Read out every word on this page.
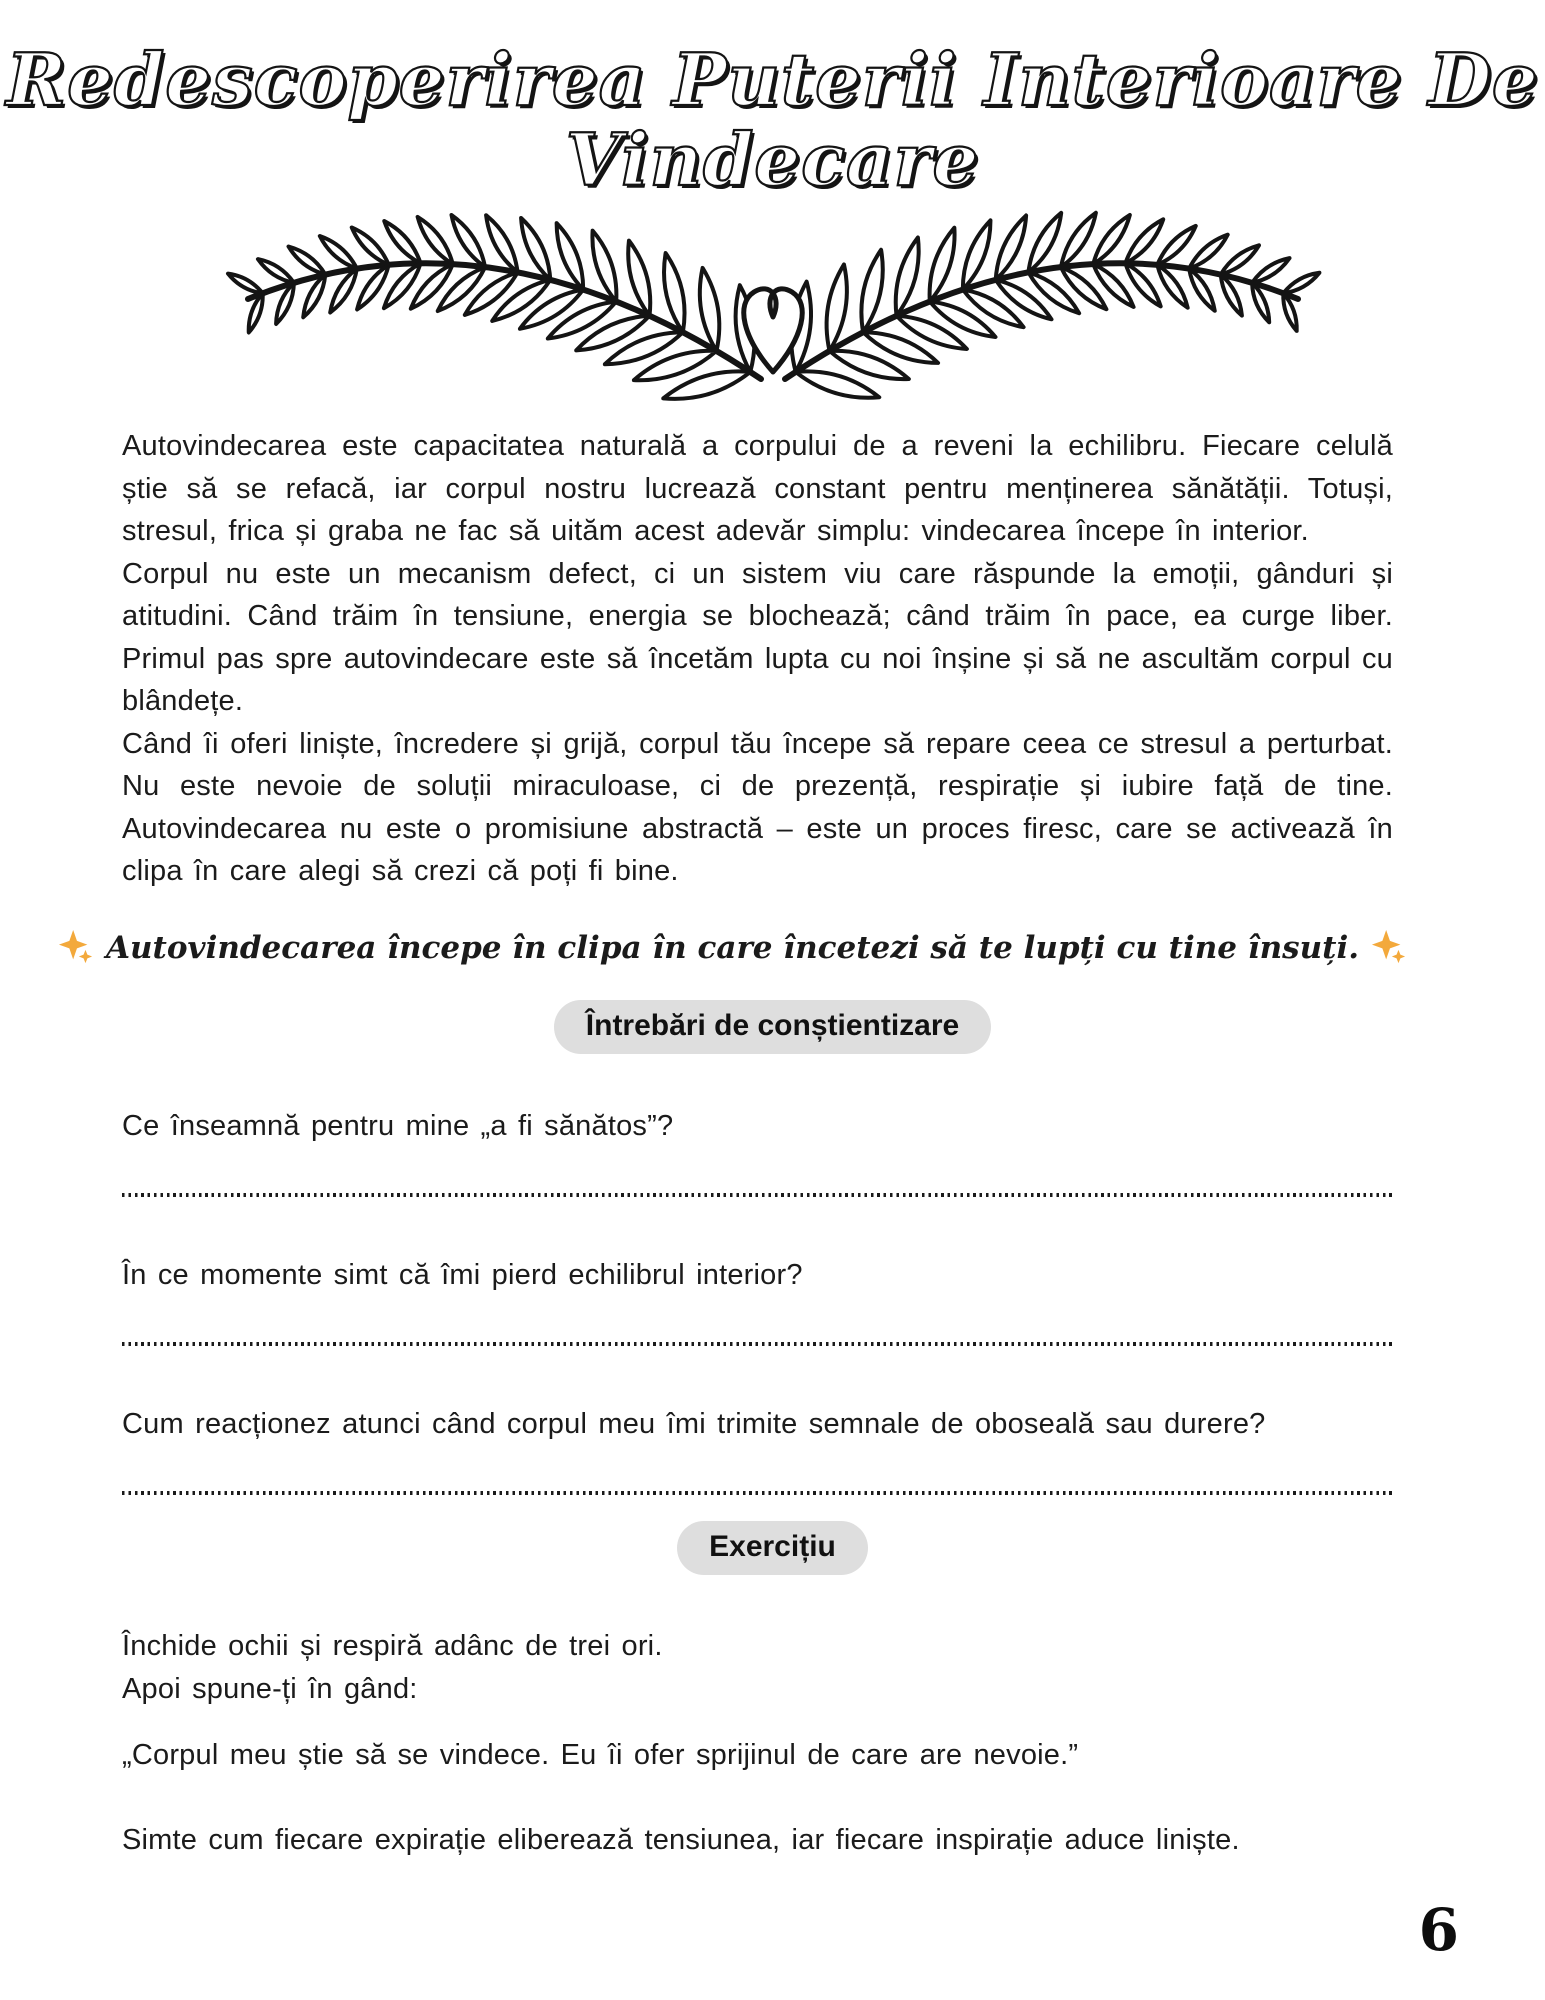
Redescoperirea Puterii Interioare De
Vindecare

Autovindecarea este capacitatea naturală a corpului de a reveni la echilibru. Fiecare celulă știe să se refacă, iar corpul nostru lucrează constant pentru menținerea sănătății. Totuși, stresul, frica și graba ne fac să uităm acest adevăr simplu: vindecarea începe în interior.

Corpul nu este un mecanism defect, ci un sistem viu care răspunde la emoții, gânduri și atitudini. Când trăim în tensiune, energia se blochează; când trăim în pace, ea curge liber. Primul pas spre autovindecare este să încetăm lupta cu noi înșine și să ne ascultăm corpul cu blândețe.

Când îi oferi liniște, încredere și grijă, corpul tău începe să repare ceea ce stresul a perturbat. Nu este nevoie de soluții miraculoase, ci de prezență, respirație și iubire față de tine. Autovindecarea nu este o promisiune abstractă – este un proces firesc, care se activează în clipa în care alegi să crezi că poți fi bine.

Autovindecarea începe în clipa în care încetezi să te lupți cu tine însuți.
Întrebări de conștientizare
Ce înseamnă pentru mine „a fi sănătos”?
În ce momente simt că îmi pierd echilibrul interior?
Cum reacționez atunci când corpul meu îmi trimite semnale de oboseală sau durere?
Exercițiu
Închide ochii și respiră adânc de trei ori.
Apoi spune-ți în gând:
„Corpul meu știe să se vindece. Eu îi ofer sprijinul de care are nevoie.”
Simte cum fiecare expirație eliberează tensiunea, iar fiecare inspirație aduce liniște.
6
